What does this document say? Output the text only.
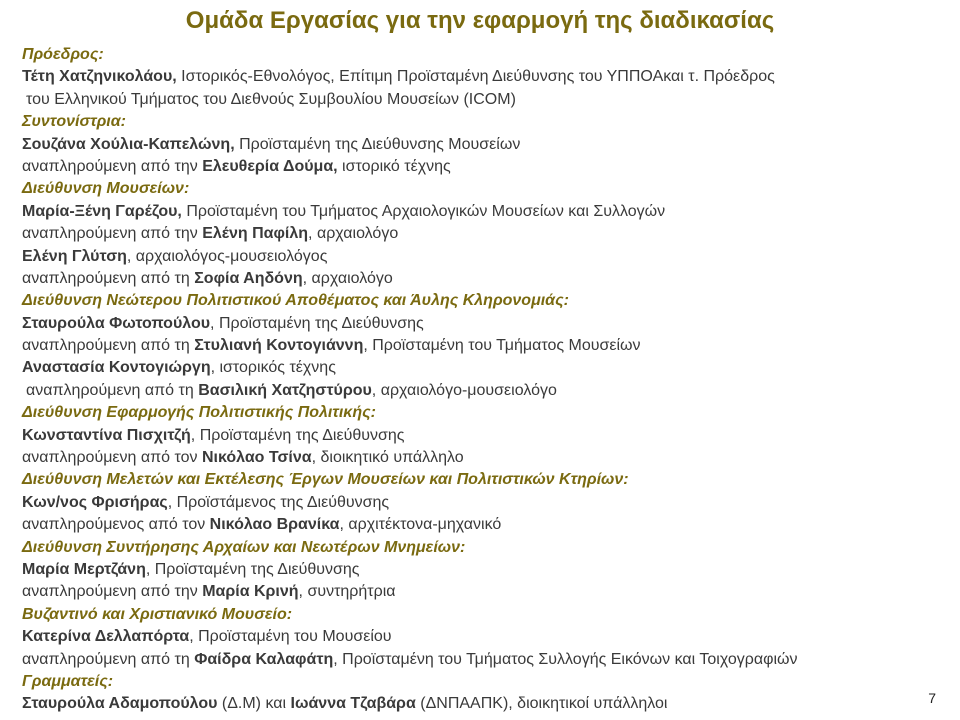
Ομάδα Εργασίας για την εφαρμογή της διαδικασίας
Πρόεδρος:
Τέτη Χατζηνικολάου, Ιστορικός-Εθνολόγος, Επίτιμη Προϊσταμένη Διεύθυνσης του ΥΠΠΟΑκαι τ. Πρόεδρος
του Ελληνικού Τμήματος του Διεθνούς Συμβουλίου Μουσείων (ICOM)
Συντονίστρια:
Σουζάνα Χούλια-Καπελώνη, Προϊσταμένη της Διεύθυνσης Μουσείων
αναπληρούμενη από την Ελευθερία Δούμα, ιστορικό τέχνης
Διεύθυνση Μουσείων:
Μαρία-Ξένη Γαρέζου, Προϊσταμένη του Τμήματος Αρχαιολογικών Μουσείων και Συλλογών
αναπληρούμενη από την Ελένη Παφίλη, αρχαιολόγο
Ελένη Γλύτση, αρχαιολόγος-μουσειολόγος
αναπληρούμενη από τη Σοφία Αηδόνη, αρχαιολόγο
Διεύθυνση Νεώτερου Πολιτιστικού Αποθέματος και Άυλης Κληρονομιάς:
Σταυρούλα Φωτοπούλου, Προϊσταμένη της Διεύθυνσης
αναπληρούμενη από τη Στυλιανή Κοντογιάννη, Προϊσταμένη του Τμήματος Μουσείων
Αναστασία Κοντογιώργη, ιστορικός τέχνης
αναπληρούμενη από τη Βασιλική Χατζηστύρου, αρχαιολόγο-μουσειολόγο
Διεύθυνση Εφαρμογής Πολιτιστικής Πολιτικής:
Κωνσταντίνα Πισχιτζή, Προϊσταμένη της Διεύθυνσης
αναπληρούμενη από τον Νικόλαο Τσίνα, διοικητικό υπάλληλο
Διεύθυνση Μελετών και Εκτέλεσης Έργων Μουσείων και Πολιτιστικών Κτηρίων:
Κων/νος Φρισήρας, Προϊστάμενος της Διεύθυνσης
αναπληρούμενος από τον Νικόλαο Βρανίκα, αρχιτέκτονα-μηχανικό
Διεύθυνση Συντήρησης Αρχαίων και Νεωτέρων Μνημείων:
Μαρία Μερτζάνη, Προϊσταμένη της Διεύθυνσης
αναπληρούμενη από την Μαρία Κρινή, συντηρήτρια
Βυζαντινό και Χριστιανικό Μουσείο:
Κατερίνα Δελλαπόρτα, Προϊσταμένη του Μουσείου
αναπληρούμενη από τη Φαίδρα Καλαφάτη, Προϊσταμένη του Τμήματος Συλλογής Εικόνων και Τοιχογραφιών
Γραμματείς:
Σταυρούλα Αδαμοπούλου (Δ.Μ) και Ιωάννα Τζαβάρα (ΔΝΠΑΑΠΚ), διοικητικοί υπάλληλοι	7
